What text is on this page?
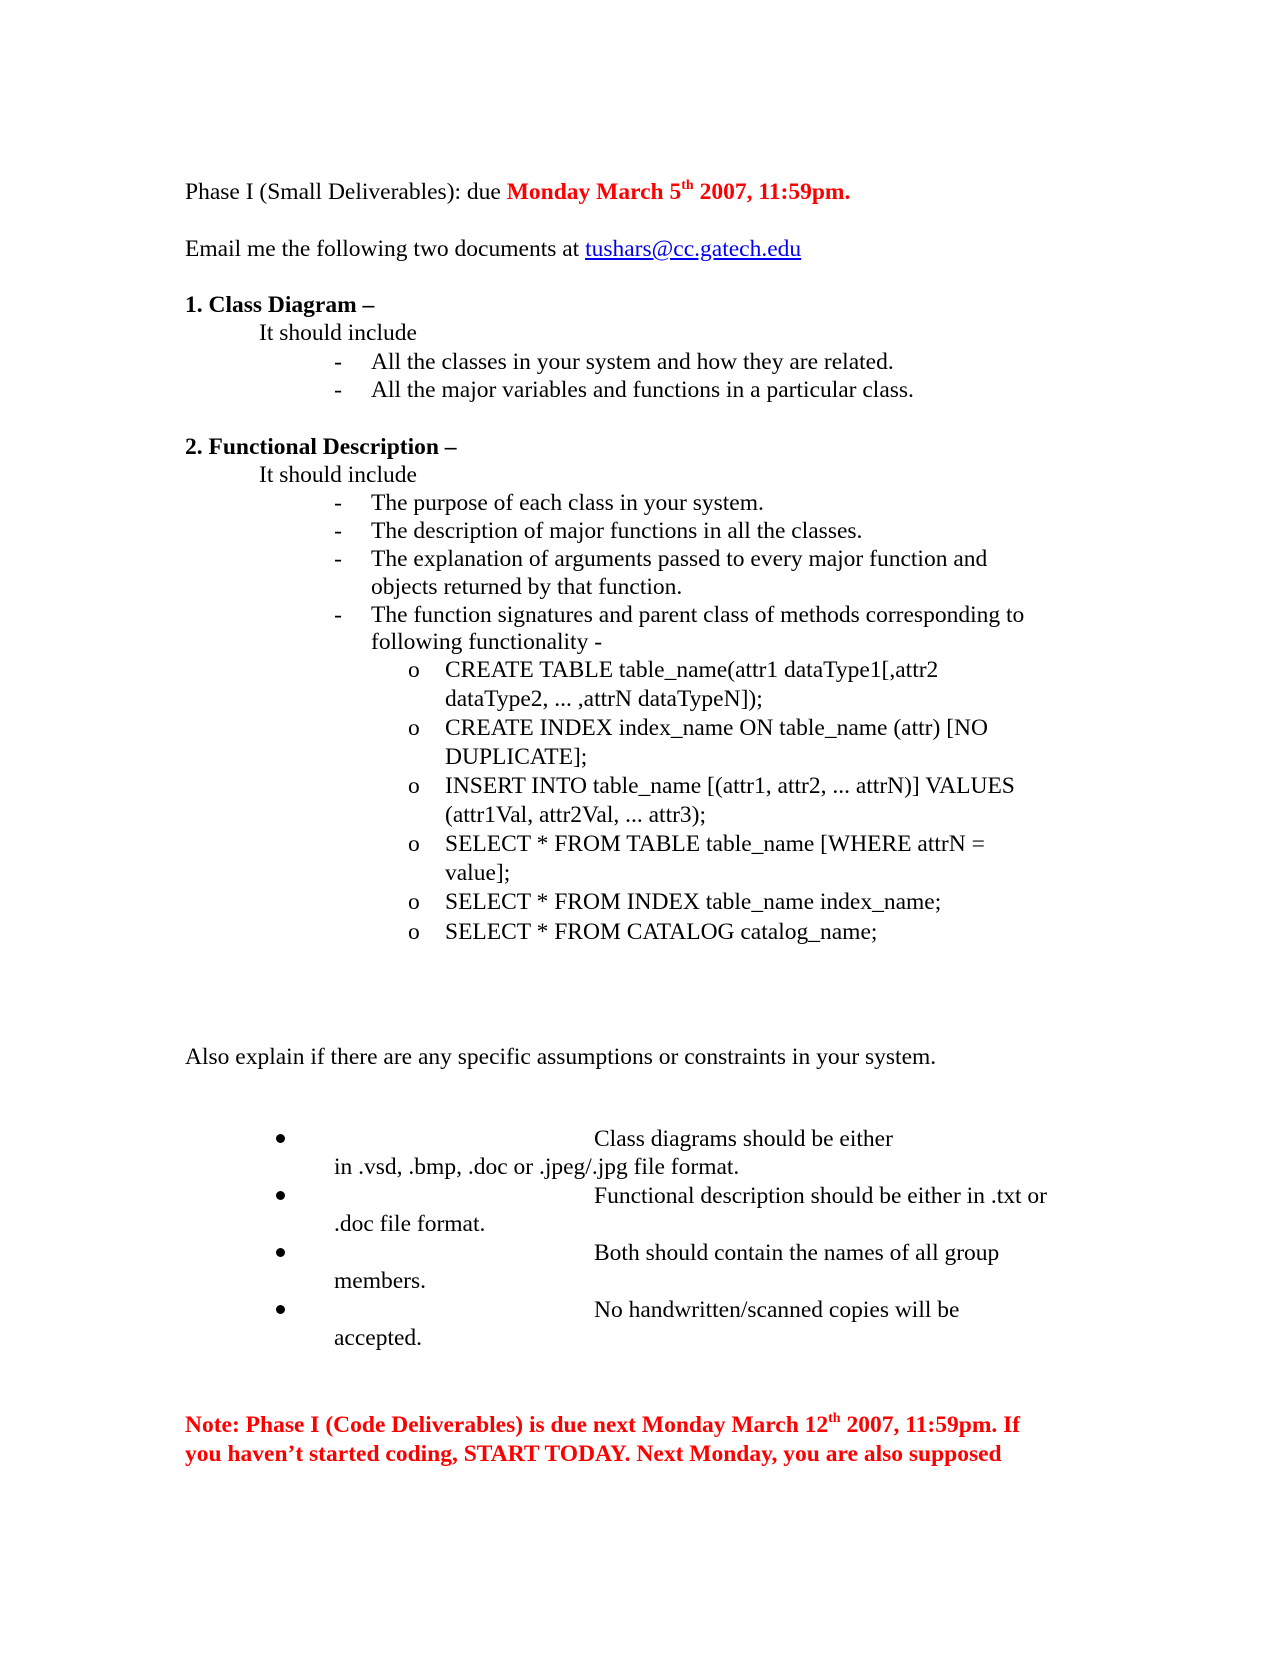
Phase I (Small Deliverables): due Monday March 5th 2007, 11:59pm.
Email me the following two documents at tushars@cc.gatech.edu
1. Class Diagram –
It should include
- All the classes in your system and how they are related.
- All the major variables and functions in a particular class.
2. Functional Description –
It should include
- The purpose of each class in your system.
- The description of major functions in all the classes.
- The explanation of arguments passed to every major function and
objects returned by that function.
- The function signatures and parent class of methods corresponding to
following functionality -
o CREATE TABLE table_name(attr1 dataType1[,attr2
dataType2, ... ,attrN dataTypeN]);
o CREATE INDEX index_name ON table_name (attr) [NO
DUPLICATE];
o INSERT INTO table_name [(attr1, attr2, ... attrN)] VALUES
(attr1Val, attr2Val, ... attr3);
o SELECT * FROM TABLE table_name [WHERE attrN =
value];
o SELECT * FROM INDEX table_name index_name;
o SELECT * FROM CATALOG catalog_name;
Also explain if there are any specific assumptions or constraints in your system.
Class diagrams should be either
in .vsd, .bmp, .doc or .jpeg/.jpg file format.
Functional description should be either in .txt or
.doc file format.
Both should contain the names of all group
members.
No handwritten/scanned copies will be
accepted.
Note: Phase I (Code Deliverables) is due next Monday March 12th 2007, 11:59pm. If
you haven’t started coding, START TODAY. Next Monday, you are also supposed
